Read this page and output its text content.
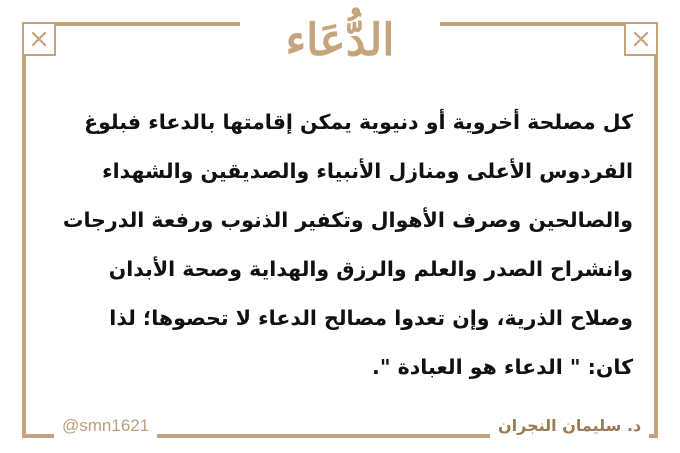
الدُّعَاء
كل مصلحة أخروية أو دنيوية يمكن إقامتها بالدعاء فبلوغ
الفردوس الأعلى ومنازل الأنبياء والصديقين والشهداء
والصالحين وصرف الأهوال وتكفير الذنوب ورفعة الدرجات
وانشراح الصدر والعلم والرزق والهداية وصحة الأبدان
وصلاح الذرية، وإن تعدوا مصالح الدعاء لا تحصوها؛ لذا
كان: " الدعاء هو العبادة ".
@smn1621	د. سليمان النجران
